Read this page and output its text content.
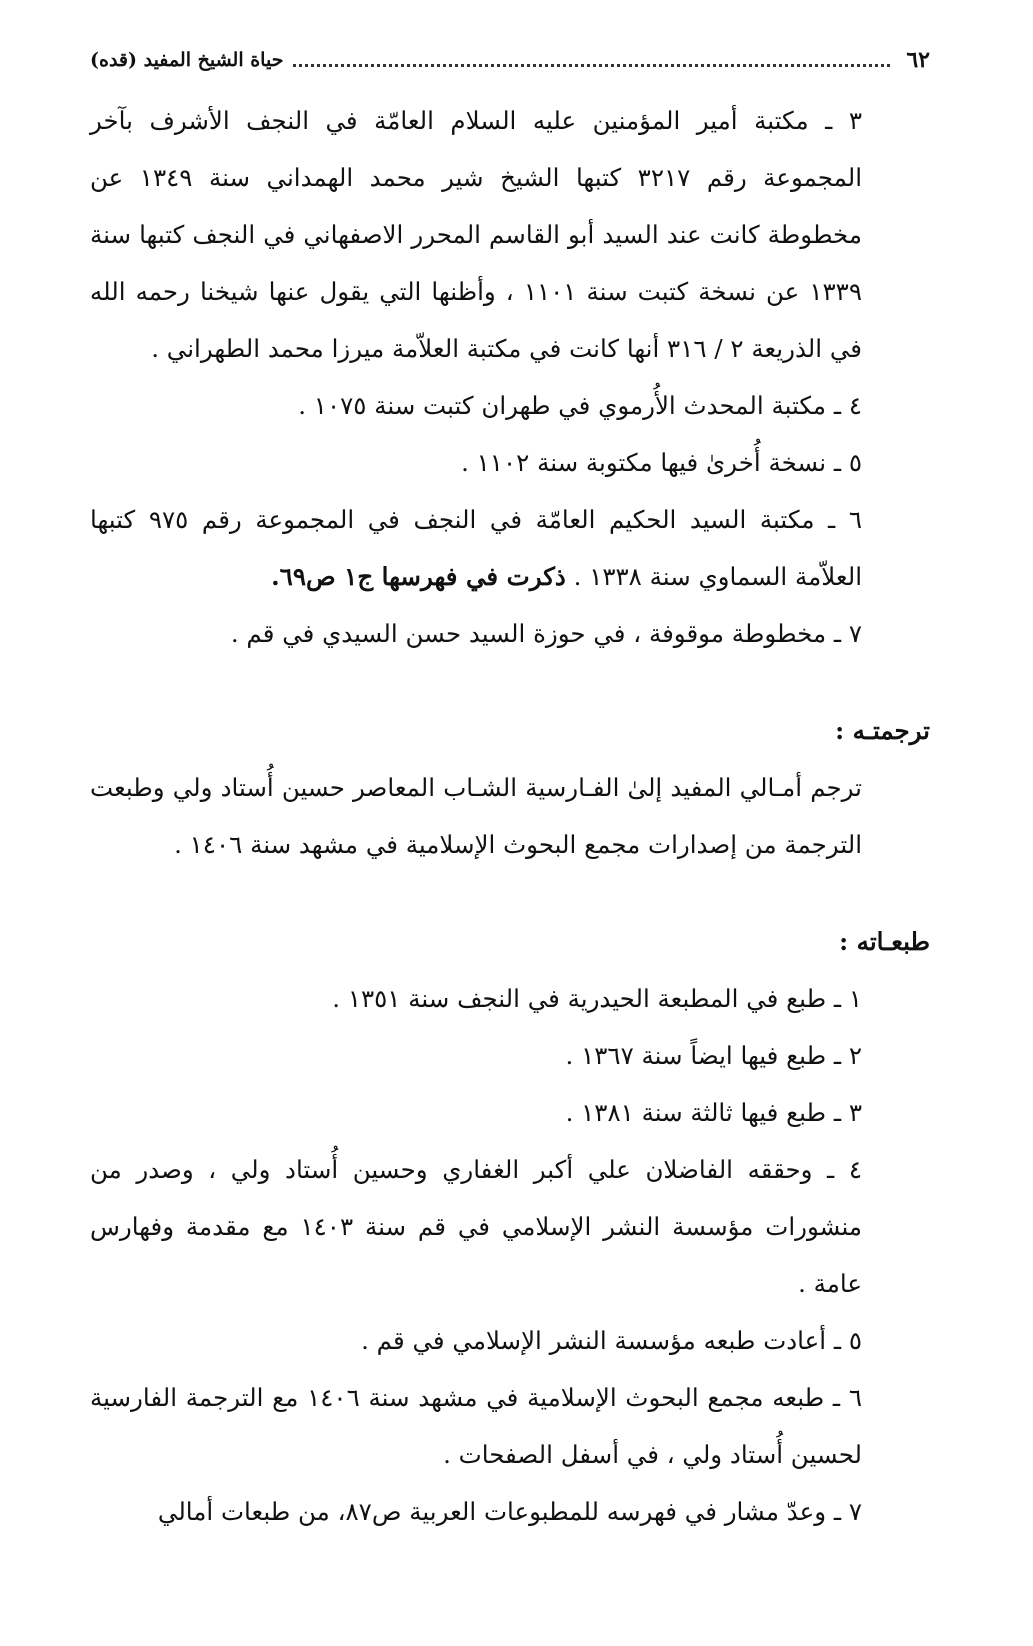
٦٢
حياة الشيخ المفيد (قده)

٣ ـ مكتبة أمير المؤمنين عليه السلام العامّة في النجف الأشرف بآخر المجموعة رقم ٣٢١٧ كتبها الشيخ شير محمد الهمداني سنة ١٣٤٩ عن مخطوطة كانت عند السيد أبو القاسم المحرر الاصفهاني في النجف كتبها سنة ١٣٣٩ عن نسخة كتبت سنة ١١٠١ ، وأظنها التي يقول عنها شيخنا رحمه الله في الذريعة ٢ / ٣١٦ أنها كانت في مكتبة العلاّمة ميرزا محمد الطهراني .

٤ ـ مكتبة المحدث الأُرموي في طهران كتبت سنة ١٠٧٥ .

٥ ـ نسخة أُخرىٰ فيها مكتوبة سنة ١١٠٢ .

٦ ـ مكتبة السيد الحكيم العامّة في النجف في المجموعة رقم ٩٧٥ كتبها العلاّمة السماوي سنة ١٣٣٨ . ذكرت في فهرسها ج١ ص٦٩.

٧ ـ مخطوطة موقوفة ، في حوزة السيد حسن السيدي في قم .

ترجمتـه :

ترجم أمـالي المفيد إلىٰ الفـارسية الشـاب المعاصر حسين أُستاد ولي وطبعت الترجمة من إصدارات مجمع البحوث الإسلامية في مشهد سنة ١٤٠٦ .

طبعـاته :

١ ـ طبع في المطبعة الحيدرية في النجف سنة ١٣٥١ .

٢ ـ طبع فيها ايضاً سنة ١٣٦٧ .

٣ ـ طبع فيها ثالثة سنة ١٣٨١ .

٤ ـ وحققه الفاضلان علي أكبر الغفاري وحسين أُستاد ولي ، وصدر من منشورات مؤسسة النشر الإسلامي في قم سنة ١٤٠٣ مع مقدمة وفهارس عامة .

٥ ـ أعادت طبعه مؤسسة النشر الإسلامي في قم .

٦ ـ طبعه مجمع البحوث الإسلامية في مشهد سنة ١٤٠٦ مع الترجمة الفارسية لحسين أُستاد ولي ، في أسفل الصفحات .

٧ ـ وعدّ مشار في فهرسه للمطبوعات العربية ص٨٧، من طبعات أمالي
